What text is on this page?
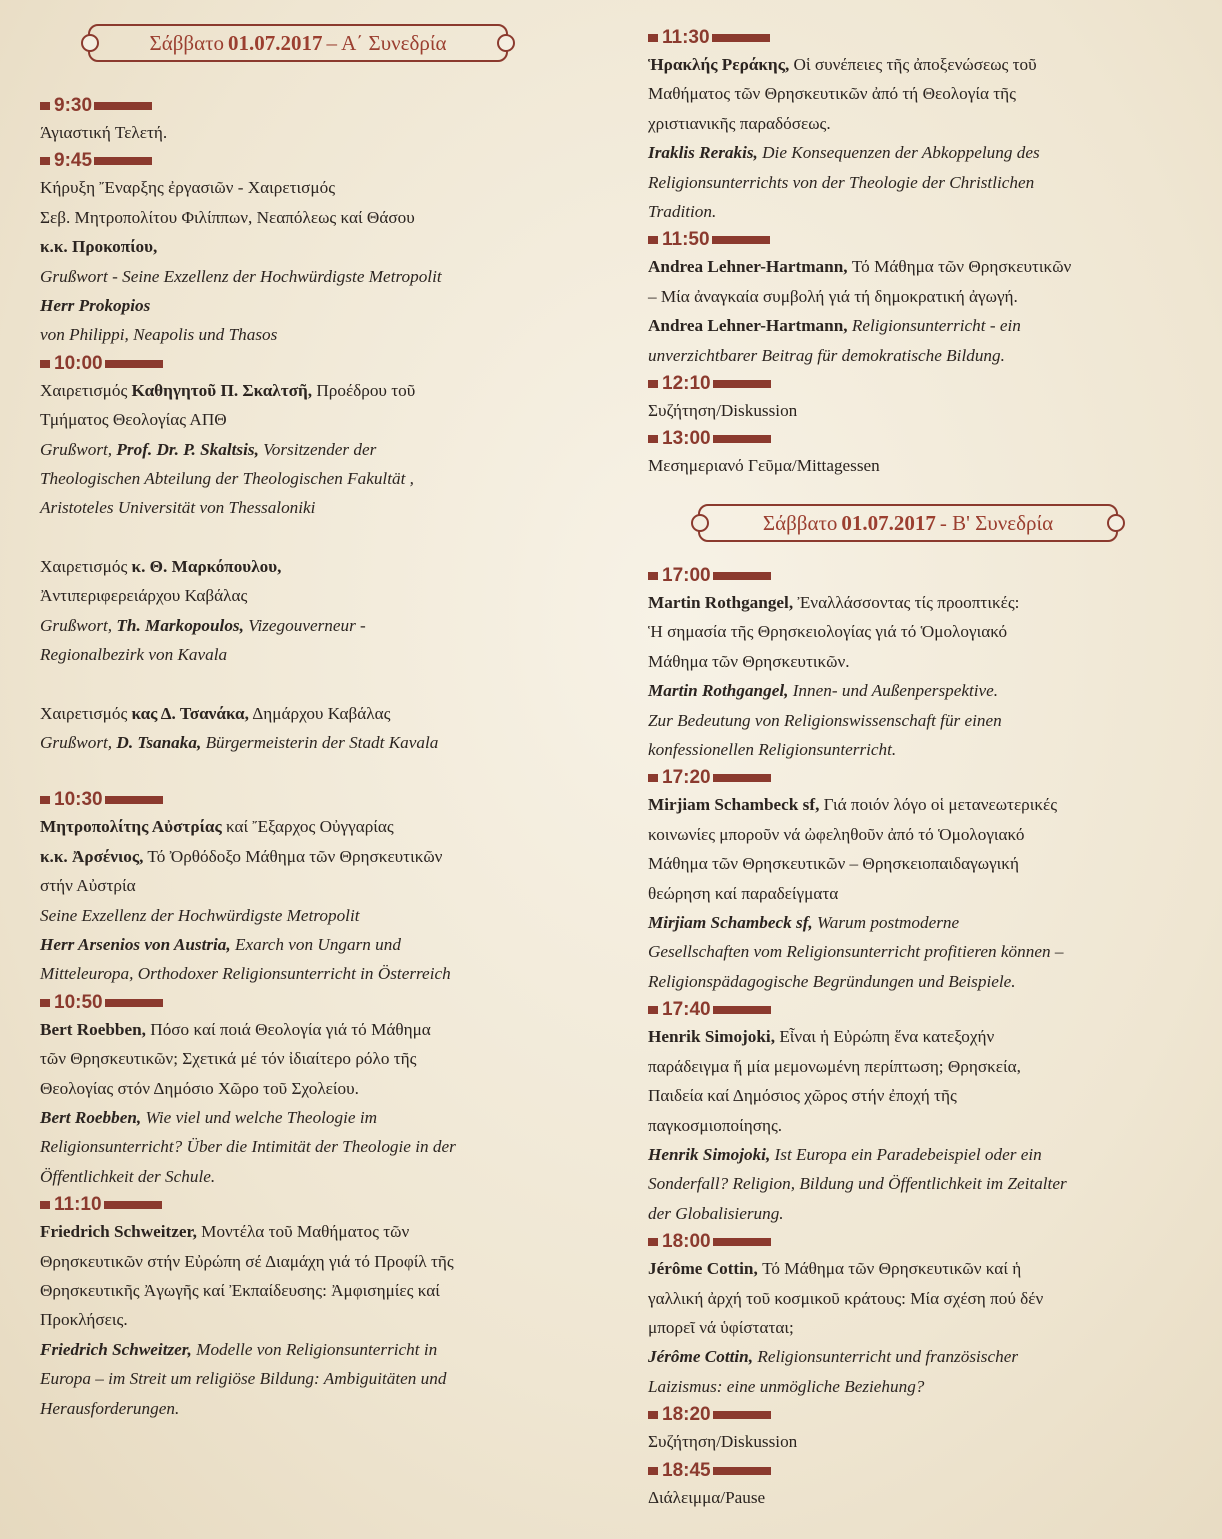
Σάββατο 01.07.2017 – Α΄ Συνεδρία
9:30
Άγιαστική Τελετή.
9:45
Κήρυξη Ἔναρξης ἐργασιῶν - Χαιρετισμός
Σεβ. Μητροπολίτου Φιλίππων, Νεαπόλεως καί Θάσου
κ.κ. Προκοπίου,
Grußwort - Seine Exzellenz der Hochwürdigste Metropolit
Herr Prokopios
von Philippi, Neapolis und Thasos
10:00
Χαιρετισμός Καθηγητοῦ Π. Σκαλτσῆ, Προέδρου τοῦ
Τμήματος Θεολογίας ΑΠΘ
Grußwort, Prof. Dr. P. Skaltsis, Vorsitzender der
Theologischen Abteilung der Theologischen Fakultät ,
Aristoteles Universität von Thessaloniki
Χαιρετισμός κ. Θ. Μαρκόπουλου,
Ἀντιπεριφερειάρχου Καβάλας
Grußwort, Th. Markopoulos, Vizegouverneur -
Regionalbezirk von Kavala
Χαιρετισμός κας Δ. Τσανάκα, Δημάρχου Καβάλας
Grußwort, D. Tsanaka, Bürgermeisterin der Stadt Kavala
10:30
Μητροπολίτης Αὐστρίας καί Ἔξαρχος Οὐγγαρίας
κ.κ. Ἀρσένιος, Τό Ὀρθόδοξο Μάθημα τῶν Θρησκευτικῶν
στήν Αὐστρία
Seine Exzellenz der Hochwürdigste Metropolit
Herr Arsenios von Austria, Exarch von Ungarn und
Mitteleuropa, Orthodoxer Religionsunterricht in Österreich
10:50
Bert Roebben, Πόσο καί ποιά Θεολογία γιά τό Μάθημα
τῶν Θρησκευτικῶν; Σχετικά μέ τόν ἰδιαίτερο ρόλο τῆς
Θεολογίας στόν Δημόσιο Χῶρο τοῦ Σχολείου.
Bert Roebben, Wie viel und welche Theologie im
Religionsunterricht? Über die Intimität der Theologie in der
Öffentlichkeit der Schule.
11:10
Friedrich Schweitzer, Μοντέλα τοῦ Μαθήματος τῶν
Θρησκευτικῶν στήν Εὐρώπη σέ Διαμάχη γιά τό Προφίλ τῆς
Θρησκευτικῆς Ἀγωγῆς καί Ἐκπαίδευσης: Ἀμφισημίες καί
Προκλήσεις.
Friedrich Schweitzer, Modelle von Religionsunterricht in
Europa – im Streit um religiöse Bildung: Ambiguitäten und
Herausforderungen.
11:30
Ἡρακλής Ρεράκης, Οἱ συνέπειες τῆς ἀποξενώσεως τοῦ
Μαθήματος τῶν Θρησκευτικῶν ἀπό τή Θεολογία τῆς
χριστιανικῆς παραδόσεως.
Iraklis Rerakis, Die Konsequenzen der Abkoppelung des
Religionsunterrichts von der Theologie der Christlichen
Tradition.
11:50
Andrea Lehner-Hartmann, Τό Μάθημα τῶν Θρησκευτικῶν
– Μία ἀναγκαία συμβολή γιά τή δημοκρατική ἀγωγή.
Andrea Lehner-Hartmann, Religionsunterricht - ein
unverzichtbarer Beitrag für demokratische Bildung.
12:10
Συζήτηση/Diskussion
13:00
Μεσημεριανό Γεῦμα/Mittagessen
Σάββατο 01.07.2017 - Β' Συνεδρία
17:00
Martin Rothgangel, Ἐναλλάσσοντας τίς προοπτικές:
Ἡ σημασία τῆς Θρησκειολογίας γιά τό Ὁμολογιακό
Μάθημα τῶν Θρησκευτικῶν.
Martin Rothgangel, Innen- und Außenperspektive.
Zur Bedeutung von Religionswissenschaft für einen
konfessionellen Religionsunterricht.
17:20
Mirjiam Schambeck sf, Γιά ποιόν λόγο οἱ μετανεωτερικές
κοινωνίες μποροῦν νά ὠφεληθοῦν ἀπό τό Ὁμολογιακό
Μάθημα τῶν Θρησκευτικῶν – Θρησκειοπαιδαγωγική
θεώρηση καί παραδείγματα
Mirjiam Schambeck sf, Warum postmoderne
Gesellschaften vom Religionsunterricht profitieren können –
Religionspädagogische Begründungen und Beispiele.
17:40
Henrik Simojoki, Εἶναι ἡ Εὐρώπη ἕνα κατεξοχήν
παράδειγμα ἤ μία μεμονωμένη περίπτωση; Θρησκεία,
Παιδεία καί Δημόσιος χῶρος στήν ἐποχή τῆς
παγκοσμιοποίησης.
Henrik Simojoki, Ist Europa ein Paradebeispiel oder ein
Sonderfall? Religion, Bildung und Öffentlichkeit im Zeitalter
der Globalisierung.
18:00
Jérôme Cottin, Τό Μάθημα τῶν Θρησκευτικῶν καί ἡ
γαλλική ἀρχή τοῦ κοσμικοῦ κράτους: Μία σχέση πού δέν
μπορεῖ νά ὑφίσταται;
Jérôme Cottin, Religionsunterricht und französischer
Laizismus: eine unmögliche Beziehung?
18:20
Συζήτηση/Diskussion
18:45
Διάλειμμα/Pause
